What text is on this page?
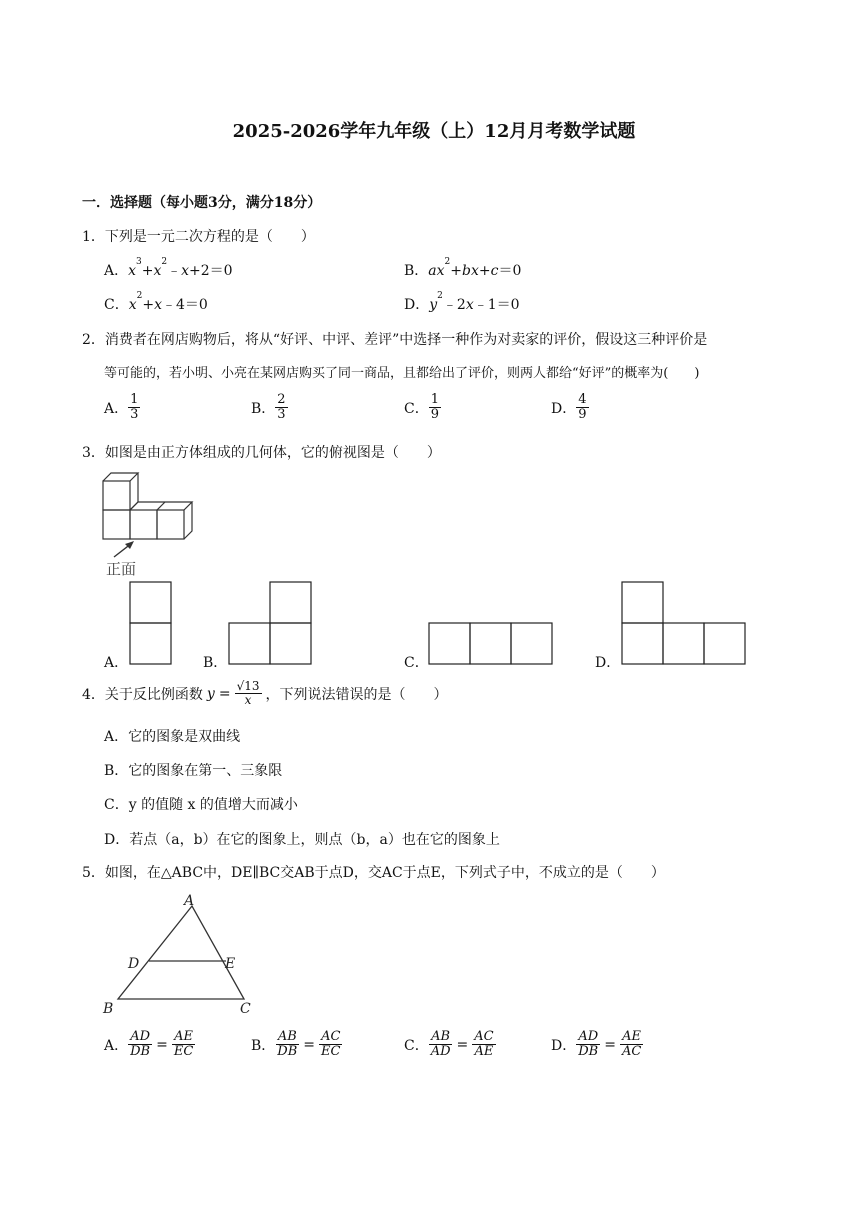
2025-2026学年九年级（上）12月月考数学试题
一．选择题（每小题3分，满分18分）
1．下列是一元二次方程的是（　　）
A．$x^3+x^2﹣x+2=0$	B．$ax^2+bx+c=0$
C．$x^2+x﹣4=0$	D．$y^2﹣2x﹣1=0$
2．消费者在网店购物后，将从“好评、中评、差评”中选择一种作为对卖家的评价，假设这三种评价是
等可能的，若小明、小亮在某网店购买了同一商品，且都给出了评价，则两人都给“好评”的概率为(　　)
A． $\frac{1}{3}$	B． $\frac{2}{3}$	C． $\frac{1}{9}$	D． $\frac{4}{9}$
3．如图是由正方体组成的几何体，它的俯视图是（　　）
正面
A．	B．	C．	D．
4．关于反比例函数 $y = \frac{√13}{x}$ ，下列说法错误的是（　　）
A．它的图象是双曲线
B．它的图象在第一、三象限
C．y 的值随 x 的值增大而减小
D．若点（a，b）在它的图象上，则点（b，a）也在它的图象上
5．如图，在△ABC中，DE∥BC交AB于点D，交AC于点E，下列式子中，不成立的是（　　）
A
D	E
B	C
A． $\frac{AD}{DB} = \frac{AE}{EC}$	B． $\frac{AB}{DB} = \frac{AC}{EC}$	C． $\frac{AB}{AD} = \frac{AC}{AE}$	D． $\frac{AD}{DB} = \frac{AE}{AC}$
